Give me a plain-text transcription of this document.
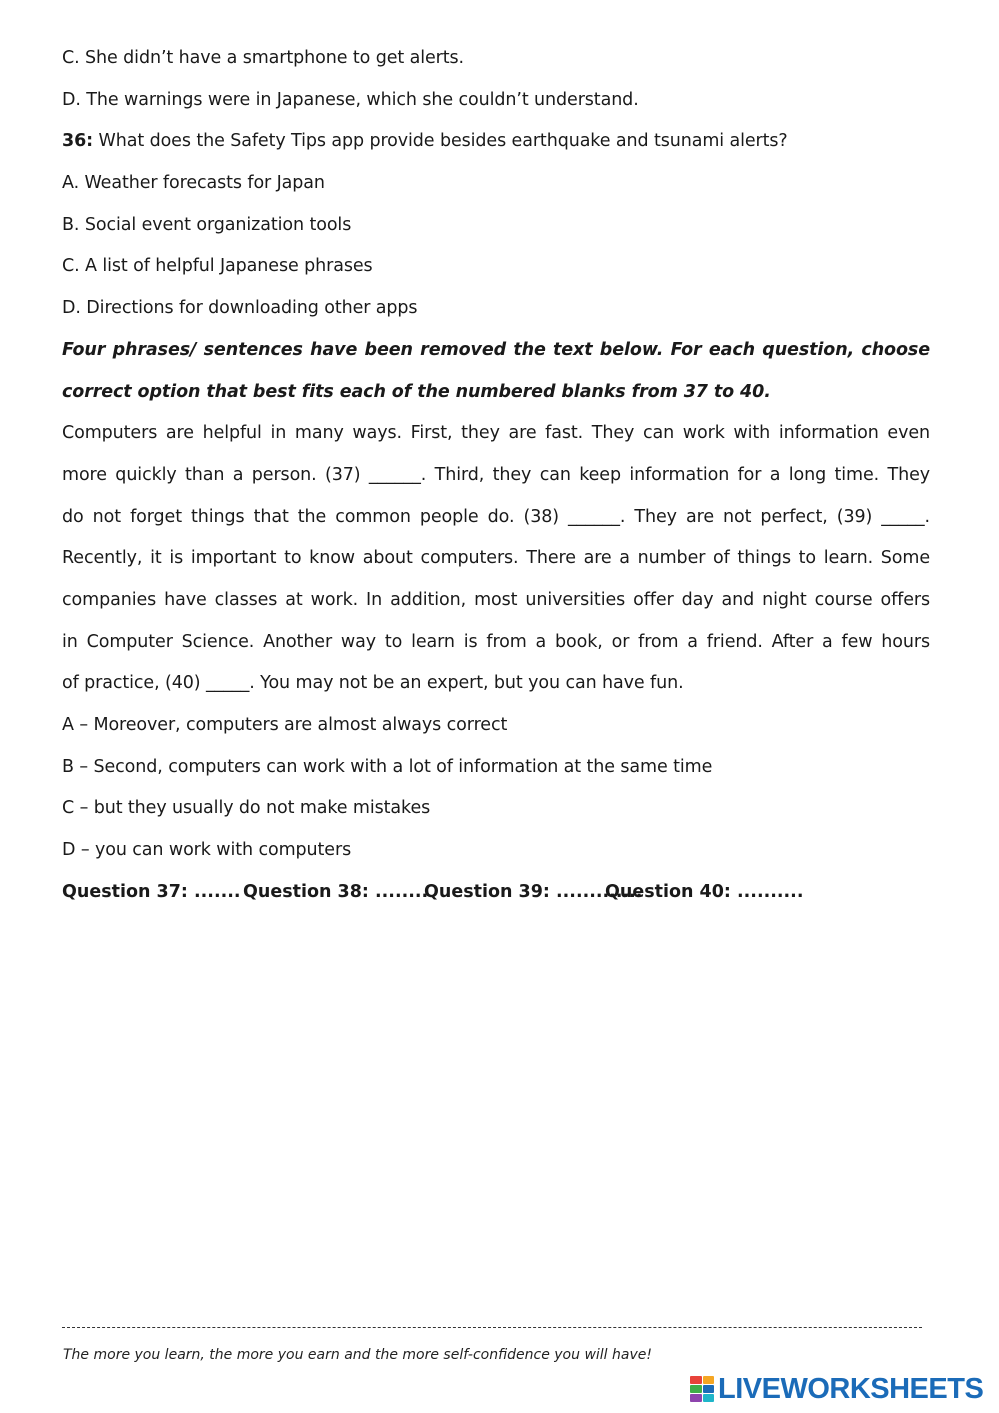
C. She didn’t have a smartphone to get alerts.
D. The warnings were in Japanese, which she couldn’t understand.
36: What does the Safety Tips app provide besides earthquake and tsunami alerts?
A. Weather forecasts for Japan
B. Social event organization tools
C. A list of helpful Japanese phrases
D. Directions for downloading other apps
Four phrases/ sentences have been removed the text below. For each question, choose
correct option that best fits each of the numbered blanks from 37 to 40.
Computers are helpful in many ways. First, they are fast. They can work with information even
more quickly than a person. (37) ______. Third, they can keep information for a long time. They
do not forget things that the common people do. (38) ______. They are not perfect, (39) _____.
Recently, it is important to know about computers. There are a number of things to learn. Some
companies have classes at work. In addition, most universities offer day and night course offers
in Computer Science. Another way to learn is from a book, or from a friend. After a few hours
of practice, (40) _____. You may not be an expert, but you can have fun.
A – Moreover, computers are almost always correct
B – Second, computers can work with a lot of information at the same time
C – but they usually do not make mistakes
D – you can work with computers
Question 37: ....... Question 38: ........Question 39: .............Question 40: ..........
The more you learn, the more you earn and the more self-confidence you will have!
LIVEWORKSHEETS
